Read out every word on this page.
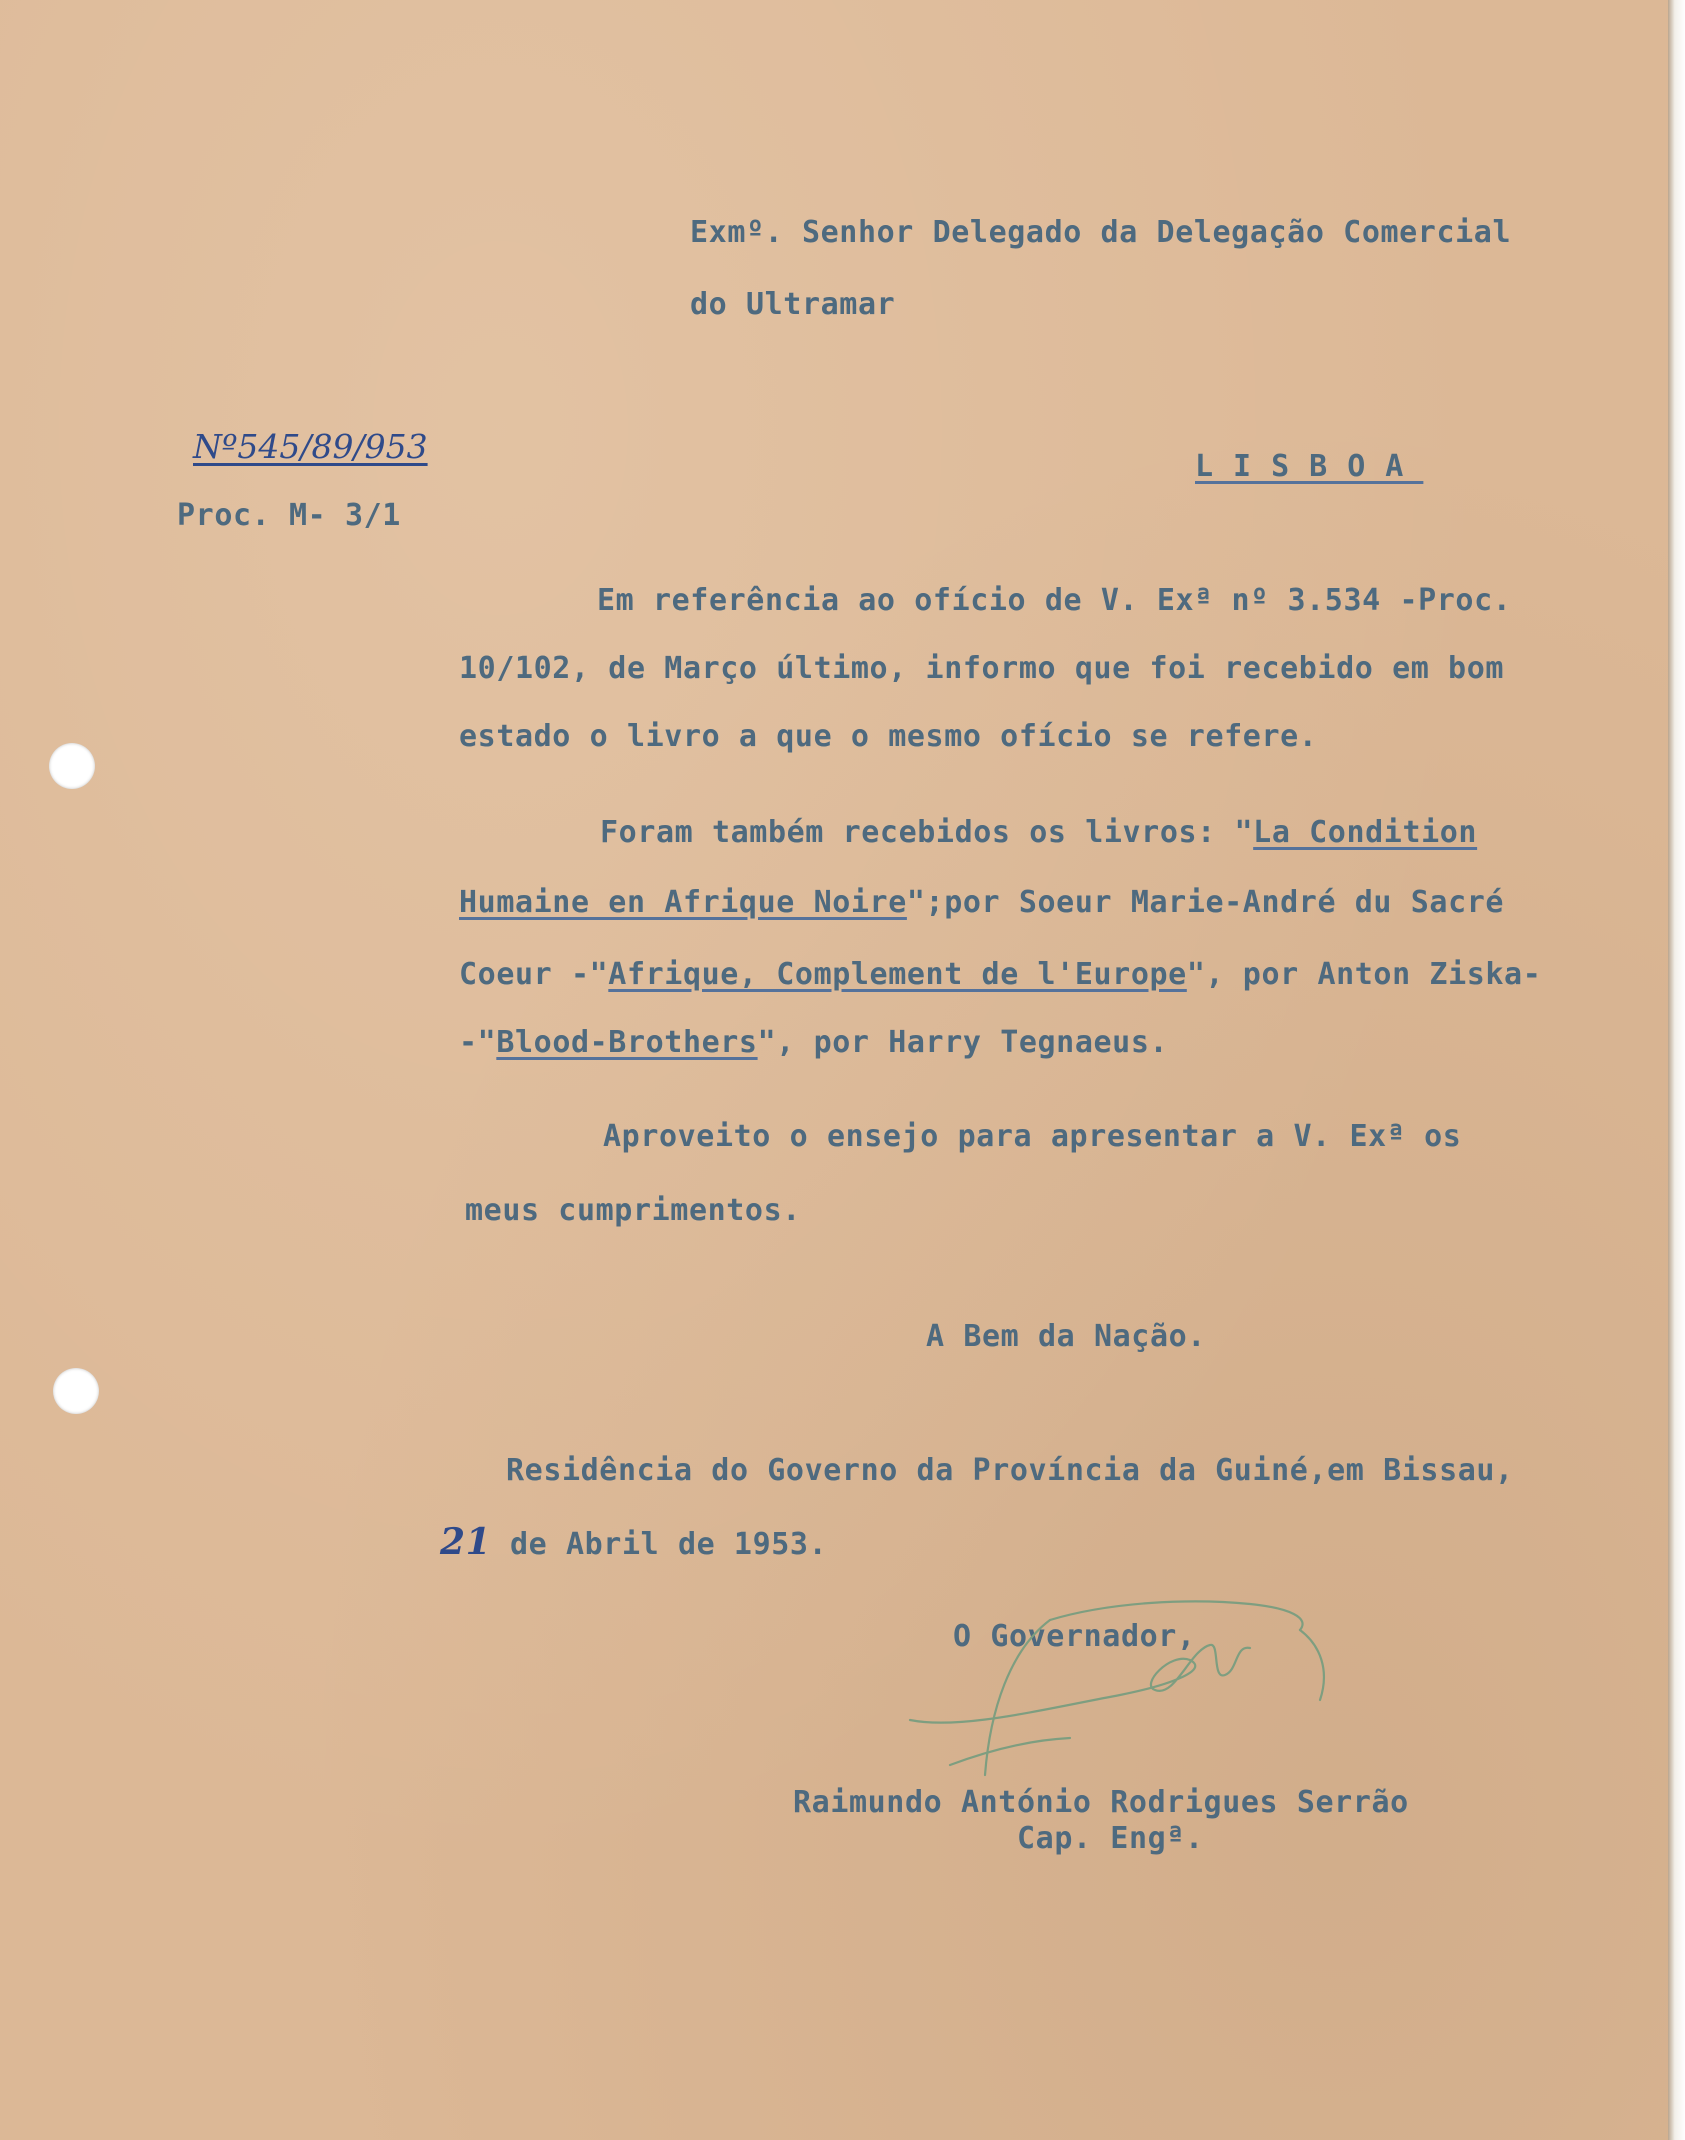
Exmº. Senhor Delegado da Delegação Comercial

do Ultramar

Nº545/89/953

Proc. M- 3/1

LISBOA

Em referência ao ofício de V. Exª nº 3.534 -Proc.

10/102, de Março último, informo que foi recebido em bom

estado o livro a que o mesmo ofício se refere.

Foram também recebidos os livros: "La Condition

Humaine en Afrique Noire";por Soeur Marie-André du Sacré

Coeur -"Afrique, Complement de l'Europe", por Anton Ziska-

-"Blood-Brothers", por Harry Tegnaeus.

Aproveito o ensejo para apresentar a V. Exª os

meus cumprimentos.

A Bem da Nação.

Residência do Governo da Província da Guiné,em Bissau,

21 de Abril de 1953.

O Governador,

Raimundo António Rodrigues Serrão

Cap. Engª.
